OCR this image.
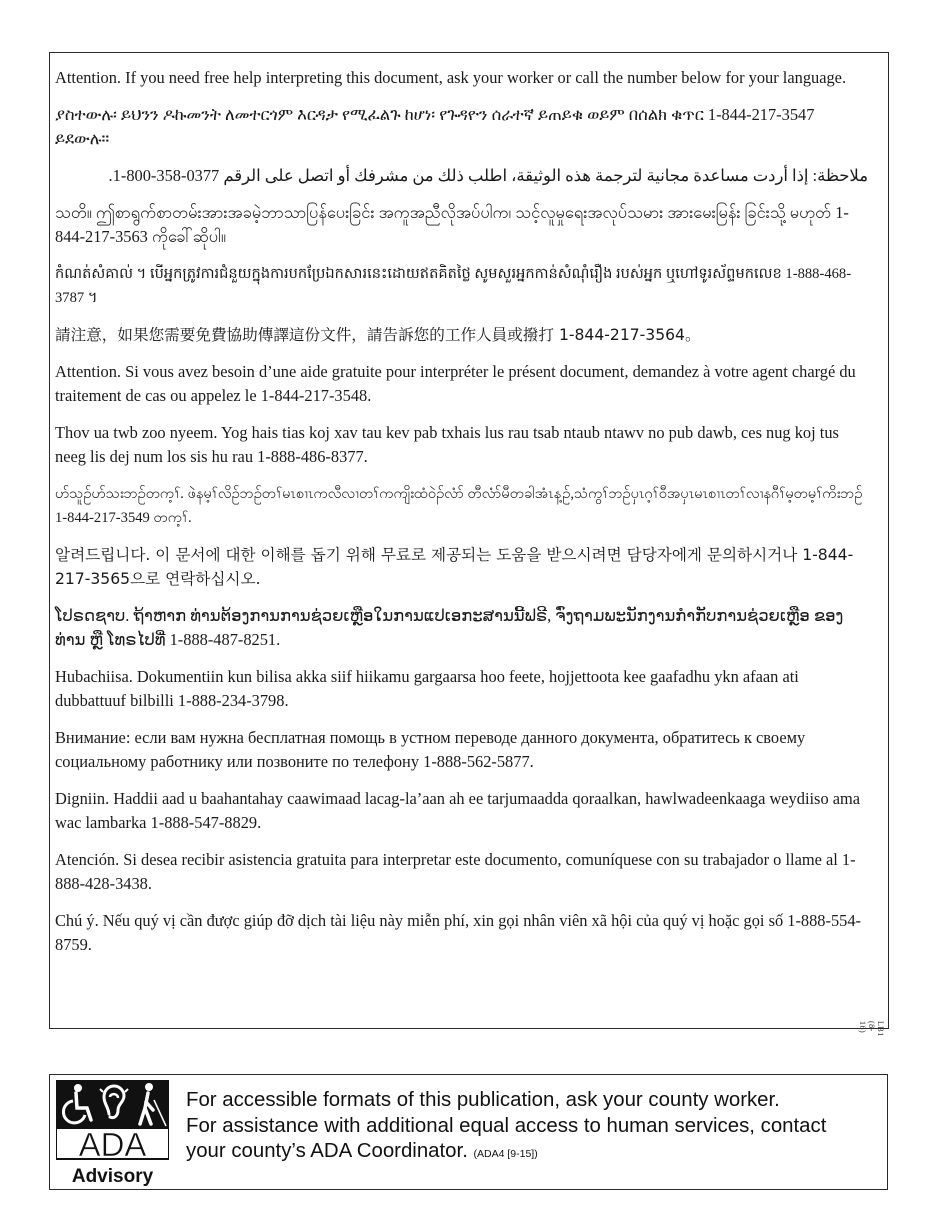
Attention. If you need free help interpreting this document, ask your worker or call the number below for your language.

ያስተውሉ፡ ይህንን ዶኩመንት ለመተርጎም እርዳታ የሚፈልጉ ከሆነ፡ የጉዳዮን ሰራተኛ ይጠይቁ ወይም በሰልክ ቁጥር 1-844-217-3547 ይደውሉ።

ملاحظة: إذا أردت مساعدة مجانية لترجمة هذه الوثيقة، اطلب ذلك من مشرفك أو اتصل على الرقم 0377-358-800-1.

သတိ။ ဤစာရွက်စာတမ်းအားအခမဲ့ဘာသာပြန်ပေးခြင်း အကူအညီလိုအပ်ပါက၊ သင့်လူမှုရေးအလုပ်သမား အားမေးမြန်း ခြင်းသို့ မဟုတ် 1-844-217-3563 ကိုခေါ်ဆိုပါ။

កំណត់សំគាល់ ។ បើអ្នកត្រូវការជំនួយក្នុងការបកប្រែឯកសារនេះដោយឥតគិតថ្លៃ សូមសួរអ្នកកាន់សំណុំរឿង របស់អ្នក ឬហៅទូរស័ព្ទមកលេខ 1-888-468-3787 ។

請注意，如果您需要免費協助傳譯這份文件，請告訴您的工作人員或撥打 1-844-217-3564。

Attention. Si vous avez besoin d’une aide gratuite pour interpréter le présent document, demandez à votre agent chargé du traitement de cas ou appelez le 1-844-217-3548.

Thov ua twb zoo nyeem. Yog hais tias koj xav tau kev pab txhais lus rau tsab ntaub ntawv no pub dawb, ces nug koj tus neeg lis dej num los sis hu rau 1-888-486-8377.

ဟ်သူဉ်ဟ်သးဘဉ်တက့ၢ်. ဖဲနမ့ၢ်လိဉ်ဘဉ်တၢ်မၤစၢၤကလီလၢတၢ်ကကျိးထံဝဲၣ်လံာ် တီလံာ်မီတခါအံၤန့ဉ်,သံကွၢ်ဘဉ်ပှၤဂ့ၢ်ဝီအပှၤမၤစၢၤတၢ်လၢနဂီၢ်မ့တမ့ၢ်ကိးဘဉ် 1-844-217-3549 တက့ၢ်.

알려드립니다. 이 문서에 대한 이해를 돕기 위해 무료로 제공되는 도움을 받으시려면 담당자에게 문의하시거나 1-844-217-3565으로 연락하십시오.

ໂປຣດຊາບ. ຖ້າຫາກ ທ່ານຕ້ອງການການຊ່ວຍເຫຼືອໃນການແປເອກະສານນີ້ຟຣີ, ຈົ່ງຖາມພະນັກງານກໍາກັບການຊ່ວຍເຫຼືອ ຂອງທ່ານ ຫຼື ໂທຣໄປທີ່ 1-888-487-8251.

Hubachiisa. Dokumentiin kun bilisa akka siif hiikamu gargaarsa hoo feete, hojjettoota kee gaafadhu ykn afaan ati dubbattuuf bilbilli 1-888-234-3798.

Внимание: если вам нужна бесплатная помощь в устном переводе данного документа, обратитесь к своему социальному работнику или позвоните по телефону 1-888-562-5877.

Digniin. Haddii aad u baahantahay caawimaad lacag-la’aan ah ee tarjumaadda qoraalkan, hawlwadeenkaaga weydiiso ama wac lambarka 1-888-547-8829.

Atención. Si desea recibir asistencia gratuita para interpretar este documento, comuníquese con su trabajador o llame al 1-888-428-3438.

Chú ý. Nếu quý vị cần được giúp đỡ dịch tài liệu này miễn phí, xin gọi nhân viên xã hội của quý vị hoặc gọi số 1-888-554-8759.

LB1 (8-16)
ADA
Advisory
For accessible formats of this publication, ask your county worker.
For assistance with additional equal access to human services, contact
your county’s ADA Coordinator. (ADA4 [9-15])
